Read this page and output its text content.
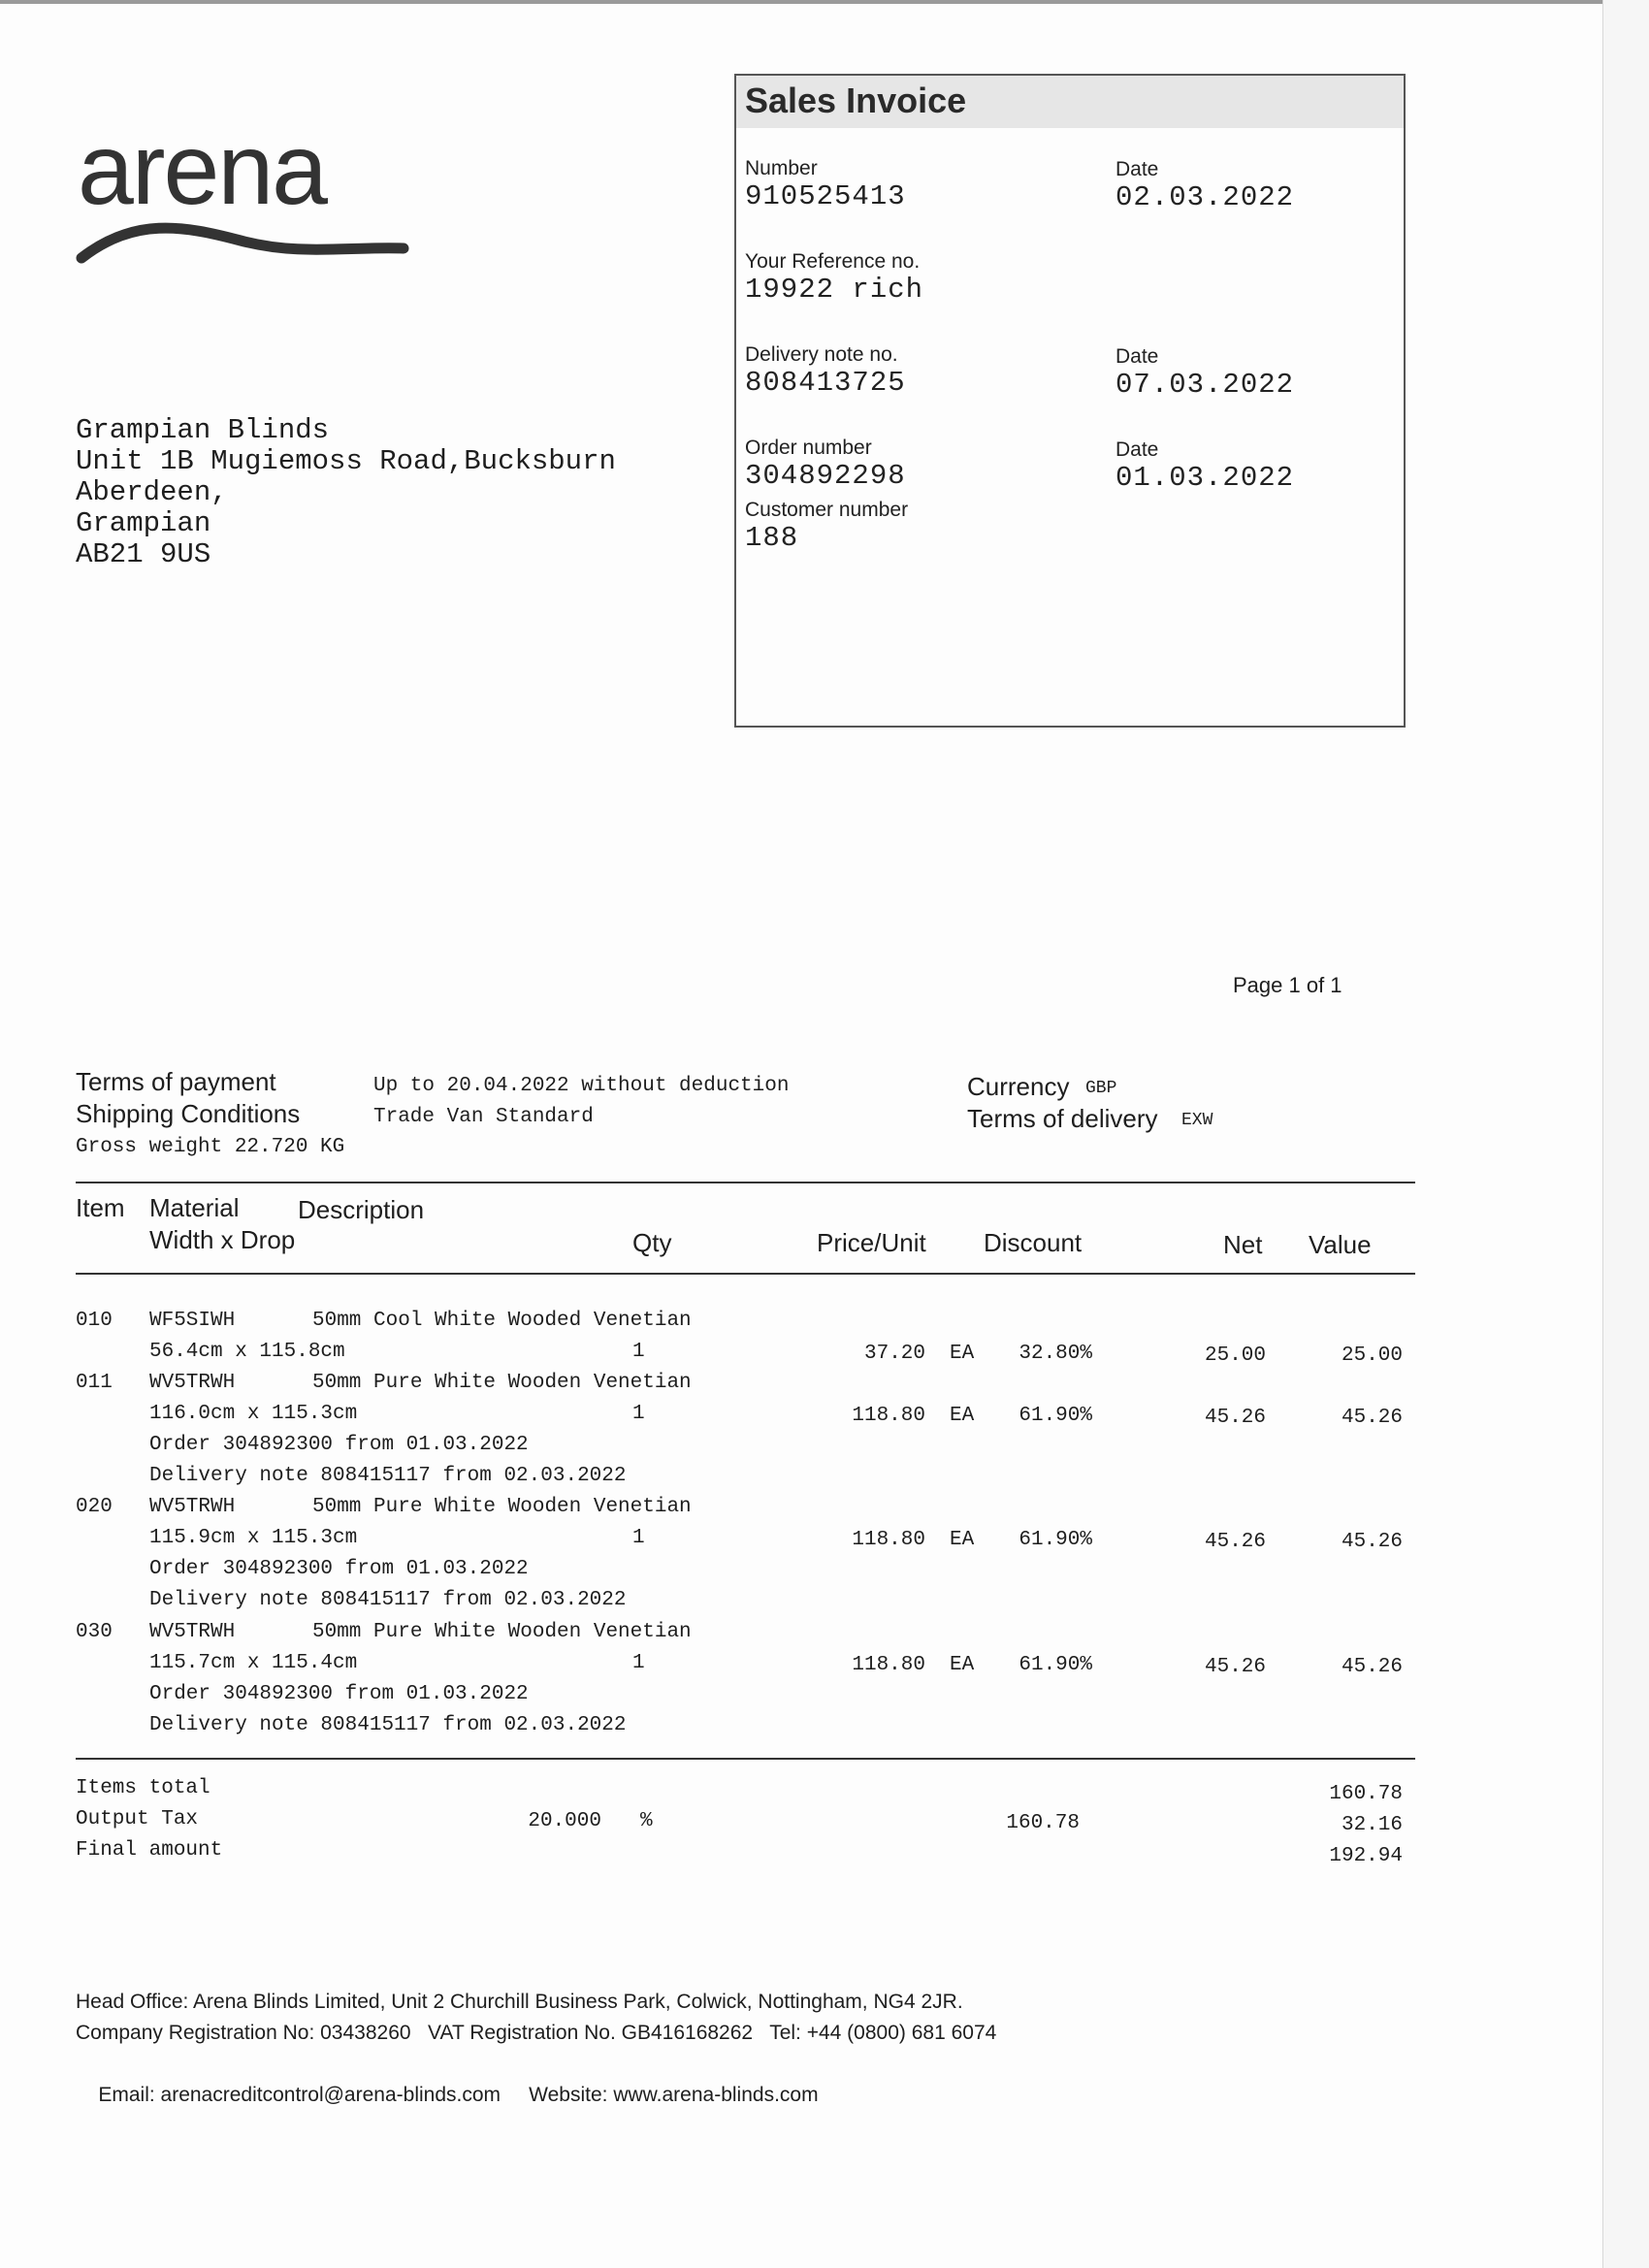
arena
Grampian Blinds
Unit 1B Mugiemoss Road,Bucksburn
Aberdeen,
Grampian
AB21 9US
Sales Invoice
Number
910525413
Date
02.03.2022
Your Reference no.
19922 rich
Delivery note no.
808413725
Date
07.03.2022
Order number
304892298
Date
01.03.2022
Customer number
188
Page 1 of 1
Terms of payment	Up to 20.04.2022 without deduction
Shipping Conditions	Trade Van Standard
Gross weight 22.720 KG
Currency GBP
Terms of delivery EXW
Item Material Description
Width x Drop	Qty	Price/Unit Discount	Net Value
010 WF5SIWH	50mm Cool White Wooded Venetian
56.4cm x 115.8cm	1	37.20 EA	32.80%	25.00	25.00
011 WV5TRWH	50mm Pure White Wooden Venetian
116.0cm x 115.3cm	1	118.80 EA	61.90%	45.26	45.26
Order 304892300 from 01.03.2022
Delivery note 808415117 from 02.03.2022
020 WV5TRWH	50mm Pure White Wooden Venetian
115.9cm x 115.3cm	1	118.80 EA	61.90%	45.26	45.26
Order 304892300 from 01.03.2022
Delivery note 808415117 from 02.03.2022
030 WV5TRWH	50mm Pure White Wooden Venetian
115.7cm x 115.4cm	1	118.80 EA	61.90%	45.26	45.26
Order 304892300 from 01.03.2022
Delivery note 808415117 from 02.03.2022
Items total	160.78
Output Tax	20.000 %	160.78	32.16
Final amount	192.94
Head Office: Arena Blinds Limited, Unit 2 Churchill Business Park, Colwick, Nottingham, NG4 2JR.
Company Registration No: 03438260   VAT Registration No. GB416168262   Tel: +44 (0800) 681 6074

Email: arenacreditcontrol@arena-blinds.com     Website: www.arena-blinds.com
